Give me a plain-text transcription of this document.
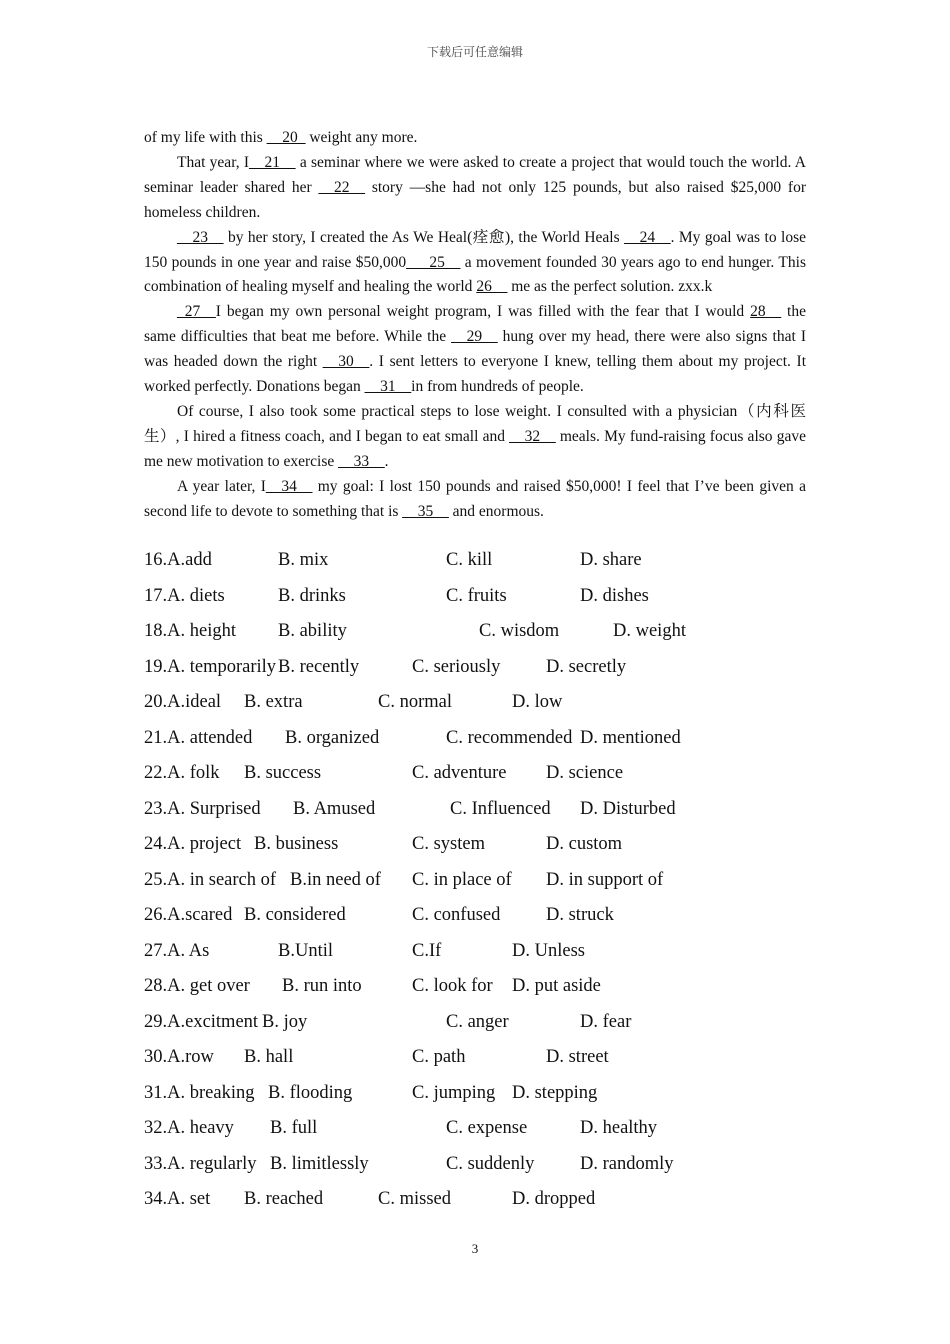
下载后可任意编辑

of my life with this __20_ weight any more.

That year, I__21__ a seminar where we were asked to create a project that would touch the world. A seminar leader shared her __22__ story —she had not only 125 pounds, but also raised $25,000 for homeless children.

__23__ by her story, I created the As We Heal(痊愈), the World Heals __24__. My goal was to lose 150 pounds in one year and raise $50,000___25__ a movement founded 30 years ago to end hunger. This combination of healing myself and healing the world 26__ me as the perfect solution. zxx.k

_27__I began my own personal weight program, I was filled with the fear that I would 28__ the same difficulties that beat me before. While the __29__ hung over my head, there were also signs that I was headed down the right __30__. I sent letters to everyone I knew, telling them about my project. It worked perfectly. Donations began __31__in from hundreds of people.

Of course, I also took some practical steps to lose weight. I consulted with a physician（内科医生）, I hired a fitness coach, and I began to eat small and __32__ meals. My fund-raising focus also gave me new motivation to exercise __33__.

A year later, I__34__ my goal: I lost 150 pounds and raised $50,000! I feel that I’ve been given a second life to devote to something that is __35__ and enormous.

16.A.add	B. mix	C. kill	D. share
17.A. diets	B. drinks	C. fruits	D. dishes
18.A. height B. ability	C. wisdom	D. weight
19.A. temporarily B. recently	C. seriously D. secretly
20.A.ideal B. extra	C. normal	D. low
21.A. attended B. organized	C. recommended D. mentioned
22.A. folk B. success	C. adventure D. science
23.A. Surprised B. Amused	C. Influenced D. Disturbed
24.A. project B. business	C. system	D. custom
25.A. in search of B.in need of C. in place of D. in support of
26.A.scared B. considered	C. confused D. struck
27.A. As	B.Until	C.If	D. Unless
28.A. get over B. run into	C. look for D. put aside
29.A.excitment B. joy	C. anger	D. fear
30.A.row B. hall	C. path	D. street
31.A. breaking B. flooding	C. jumping D. stepping
32.A. heavy B. full	C. expense	D. healthy
33.A. regularly B. limitlessly	C. suddenly D. randomly
34.A. set B. reached	C. missed	D. dropped
3
